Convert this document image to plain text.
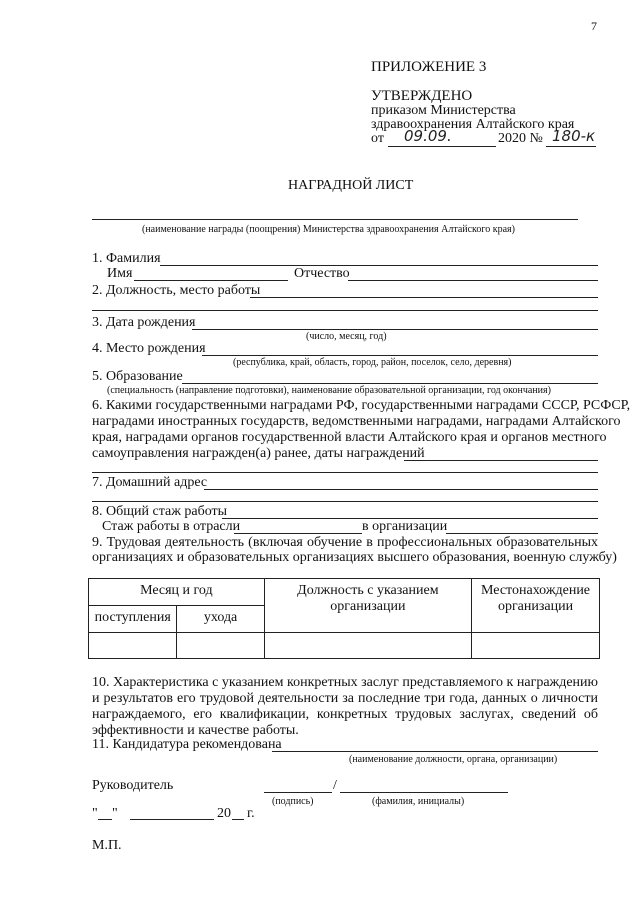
7
ПРИЛОЖЕНИЕ 3
УТВЕРЖДЕНО
приказом Министерства
здравоохранения Алтайского края
от 09.09.	2020 № 180-к
НАГРАДНОЙ ЛИСТ
(наименование награды (поощрения) Министерства здравоохранения Алтайского края)
1. Фамилия
Имя	Отчество
2. Должность, место работы
3. Дата рождения
(число, месяц, год)
4. Место рождения
(республика, край, область, город, район, поселок, село, деревня)
5. Образование
(специальность (направление подготовки), наименование образовательной организации, год окончания)
6. Какими государственными наградами РФ, государственными наградами СССР, РСФСР,
наградами иностранных государств, ведомственными наградами, наградами Алтайского
края, наградами органов государственной власти Алтайского края и органов местного
самоуправления награжден(а) ранее, даты награждений
7. Домашний адрес
8. Общий стаж работы
Стаж работы в отрасли	в организации
9. Трудовая деятельность (включая обучение в профессиональных образовательных
организациях и образовательных организациях высшего образования, военную службу)
Месяц и год		Должность с указанием организации	Местонахождение организации
поступления	ухода		

10. Характеристика с указанием конкретных заслуг представляемого к награждению
и результатов его трудовой деятельности за последние три года, данных о личности
награждаемого, его квалификации, конкретных трудовых заслугах, сведений об
эффективности и качестве работы.
11. Кандидатура рекомендована
(наименование должности, органа, организации)
Руководитель	/
(подпись)	(фамилия, инициалы)
" "	20 г.
М.П.
